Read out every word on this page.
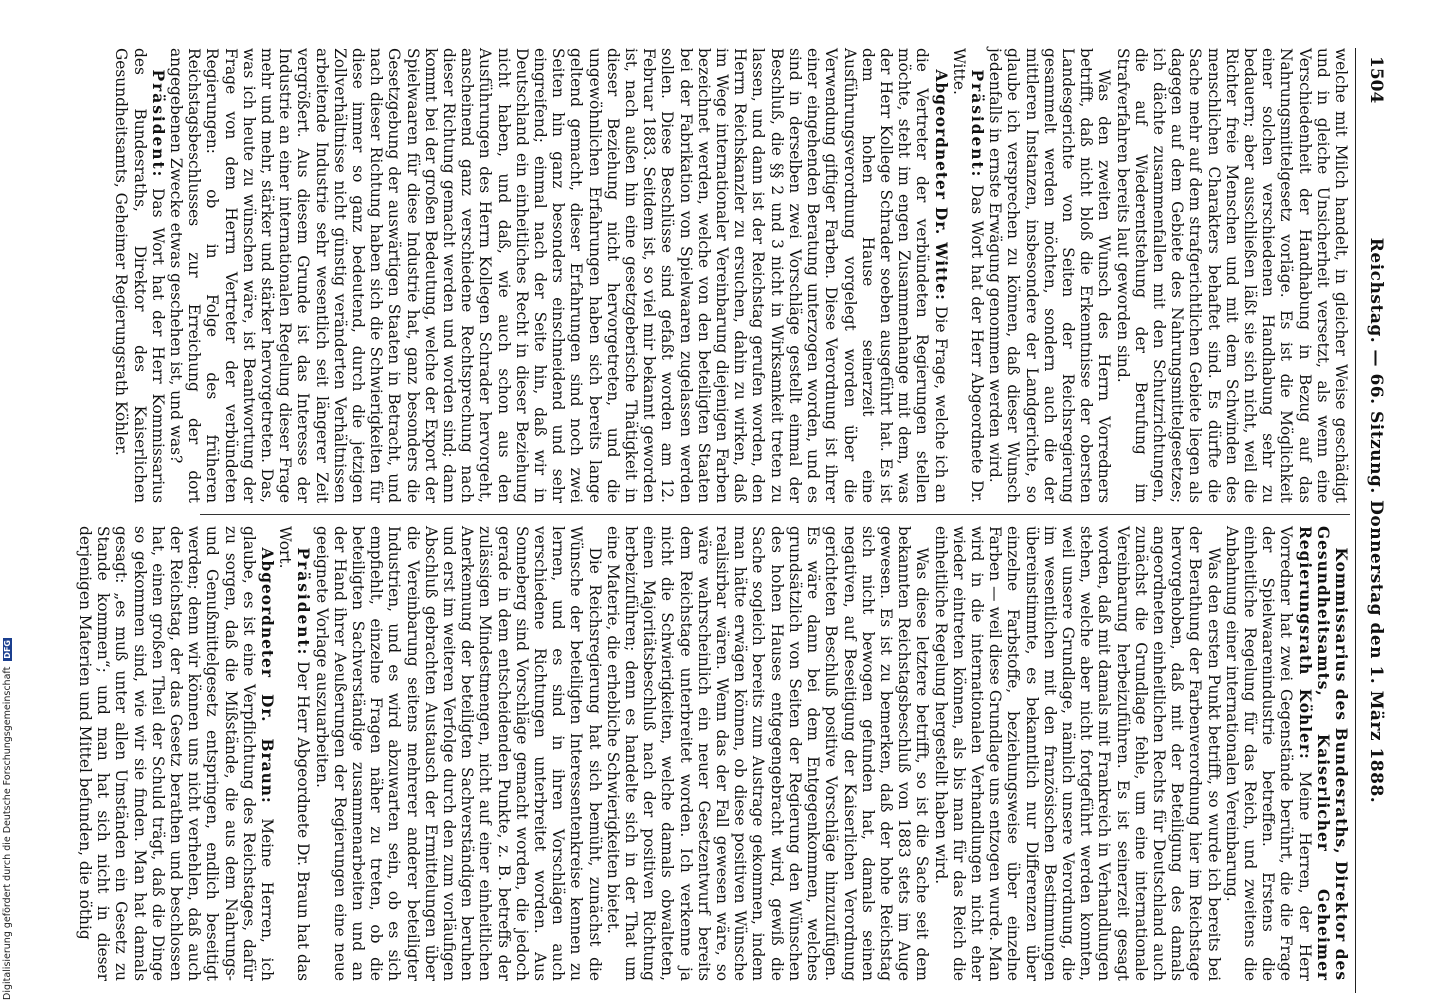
1504
Reichstag. — 66. Sitzung. Donnerstag den 1. März 1888.

welche mit Milch handelt, in gleicher Weise geschädigt und in gleiche Unsicherheit versetzt, als wenn eine Verschiedenheit der Handhabung in Bezug auf das Nahrungsmittelgesetz vorläge. Es ist die Möglichkeit einer solchen verschiedenen Handhabung sehr zu bedauern; aber ausschließen läßt sie sich nicht, weil die Richter freie Menschen und mit dem Schwinden des menschlichen Charakters behaftet sind. Es dürfte die Sache mehr auf dem strafgerichtlichen Gebiete liegen als dagegen auf dem Gebiete des Nahrungsmittelgesetzes; ich dächte zusammenfallen mit den Schutzrichtungen, die auf Wiederentstehung der Berufung im Strafverfahren bereits laut geworden sind.

Was den zweiten Wunsch des Herrn Vorredners betrifft, daß nicht bloß die Erkenntnisse der obersten Landesgerichte von Seiten der Reichsregierung gesammelt werden möchten, sondern auch die der mittleren Instanzen, insbesondere der Landgerichte, so glaube ich versprechen zu können, daß dieser Wunsch jedenfalls in ernste Erwägung genommen werden wird.

Präsident: Das Wort hat der Herr Abgeordnete Dr. Witte.

Abgeordneter Dr. Witte: Die Frage, welche ich an die Vertreter der verbündeten Regierungen stellen möchte, steht im engen Zusammenhange mit dem, was der Herr Kollege Schrader soeben ausgeführt hat. Es ist dem hohen Hause seinerzeit eine Ausführungsverordnung vorgelegt worden über die Verwendung giftiger Farben. Diese Verordnung ist ihrer einer eingehenden Beratung unterzogen worden, und es sind in derselben zwei Vorschläge gestellt einmal der Beschluß, die §§ 2 und 3 nicht in Wirksamkeit treten zu lassen, und dann ist der Reichstag gerufen worden, den Herrn Reichskanzler zu ersuchen, dahin zu wirken, daß im Wege internationaler Vereinbarung diejenigen Farben bezeichnet werden, welche von den beteiligten Staaten bei der Fabrikation von Spielwaaren zugelassen werden sollen. Diese Beschlüsse sind gefaßt worden am 12. Februar 1883. Seitdem ist, so viel mir bekannt geworden ist, nach außen hin eine gesetzgeberische Thätigkeit in dieser Beziehung nicht hervorgetreten, und die ungewöhnlichen Erfahrungen haben sich bereits lange geltend gemacht, dieser Erfahrungen sind noch zwei Seiten hin ganz besonders einschneidend und sehr eingreifend; einmal nach der Seite hin, daß wir in Deutschland ein einheitliches Recht in dieser Beziehung nicht haben, und daß, wie auch schon aus den Ausführungen des Herrn Kollegen Schrader hervorgeht, anscheinend ganz verschiedene Rechtsprechung nach dieser Richtung gemacht werden und worden sind; dann kommt bei der großen Bedeutung, welche der Export der Spielwaaren für diese Industrie hat, ganz besonders die Gesetzgebung der auswärtigen Staaten in Betracht, und nach dieser Richtung haben sich die Schwierigkeiten für diese immer so ganz bedeutend, durch die jetzigen Zollverhältnisse nicht günstig veränderten Verhältnissen arbeitende Industrie sehr wesentlich seit längerer Zeit vergrößert. Aus diesem Grunde ist das Interesse der Industrie an einer internationalen Regelung dieser Frage mehr und mehr, stärker und stärker hervorgetreten. Das, was ich heute zu wünschen wäre, ist Beantwortung der Frage von dem Herrn Vertreter der verbündeten Regierungen: ob in Folge des früheren Reichstagsbeschlusses zur Erreichung der dort angegebenen Zwecke etwas geschehen ist, und was?

Präsident: Das Wort hat der Herr Kommissarius des Bundesraths, Direktor des Kaiserlichen Gesundheitsamts, Geheimer Regierungsrath Köhler.

Kommissarius des Bundesraths, Direktor des Gesundheitsamts, Kaiserlicher Geheimer Regierungsrath Köhler: Meine Herren, der Herr Vorredner hat zwei Gegenstände berührt, die die Frage der Spielwaarenindustrie betreffen. Erstens die einheitliche Regelung für das Reich, und zweitens die Anbahnung einer internationalen Vereinbarung.

Was den ersten Punkt betrifft, so wurde ich bereits bei der Berathung der Farbenverordnung hier im Reichstage hervorgehoben, daß mit der Beteiligung des damals angeordneten einheitlichen Rechts für Deutschland auch zunächst die Grundlage fehle, um eine internationale Vereinbarung herbeizuführen. Es ist seinerzeit gesagt worden, daß mit damals mit Frankreich in Verhandlungen stehen, welche aber nicht fortgeführt werden konnten, weil unsere Grundlage, nämlich unsere Verordnung, die im wesentlichen mit den französischen Bestimmungen übereinstimmte, es bekanntlich nur Differenzen über einzelne Farbstoffe, beziehungsweise über einzelne Farben — weil diese Grundlage uns entzogen wurde. Man wird in die internationalen Verhandlungen nicht eher wieder eintreten können, als bis man für das Reich die einheitliche Regelung hergestellt haben wird.

Was diese letztere betrifft, so ist die Sache seit dem bekannten Reichstagsbeschluß von 1883 stets im Auge gewesen. Es ist zu bemerken, daß der hohe Reichstag sich nicht bewogen gefunden hat, damals seinen negativen, auf Beseitigung der Kaiserlichen Verordnung gerichteten Beschluß positive Vorschläge hinzuzufügen. Es wäre dann bei dem Entgegenkommen, welches grundsätzlich von Seiten der Regierung den Wünschen des hohen Hauses entgegengebracht wird, gewiß die Sache sogleich bereits zum Austrage gekommen, indem man hätte erwägen können, ob diese positiven Wünsche realisirbar wären. Wenn das der Fall gewesen wäre, so wäre wahrscheinlich ein neuer Gesetzentwurf bereits dem Reichstage unterbreitet worden. Ich verkenne ja nicht die Schwierigkeiten, welche damals obwalteten, einen Majoritätsbeschluß nach der positiven Richtung herbeizuführen; denn es handelte sich in der That um eine Materie, die erhebliche Schwierigkeiten bietet.

Die Reichsregierung hat sich bemüht, zunächst die Wünsche der beteiligten Interessentenkreise kennen zu lernen, und es sind in ihren Vorschlägen auch verschiedene Richtungen unterbreitet worden. Aus Sonneberg sind Vorschläge gemacht worden, die jedoch gerade in dem entscheidenden Punkte, z. B. betreffs der zulässigen Mindestmengen, nicht auf einer einheitlichen Anerkennung der beteiligten Sachverständigen beruhen und erst im weiteren Verfolge durch den zum vorläufigen Abschluß gebrachten Austausch der Ermittelungen über die Vereinbarung seitens mehrerer anderer beteiligter Industrien, und es wird abzuwarten sein, ob es sich empfiehlt, einzelne Fragen näher zu treten, ob die beteiligten Sachverständige zusammenarbeiten und an der Hand ihrer Aeußerungen der Regierungen eine neue geeignete Vorlage auszuarbeiten.

Präsident: Der Herr Abgeordnete Dr. Braun hat das Wort.

Abgeordneter Dr. Braun: Meine Herren, ich glaube, es ist eine Verpflichtung des Reichstages, dafür zu sorgen, daß die Mißstände, die aus dem Nahrungs- und Genußmittelgesetz entspringen, endlich beseitigt werden; denn wir können uns nicht verhehlen, daß auch der Reichstag, der das Gesetz berathen und beschlossen hat, einen großen Theil der Schuld trägt, daß die Dinge so gekommen sind, wie wir sie finden. Man hat damals gesagt: „es muß unter allen Umständen ein Gesetz zu Stande kommen“; und man hat sich nicht in dieser derjenigen Materien und Mittel befunden, die nöthig

Digitalisierung gefördert durch die Deutsche ForschungsgemeinschaftDFG
